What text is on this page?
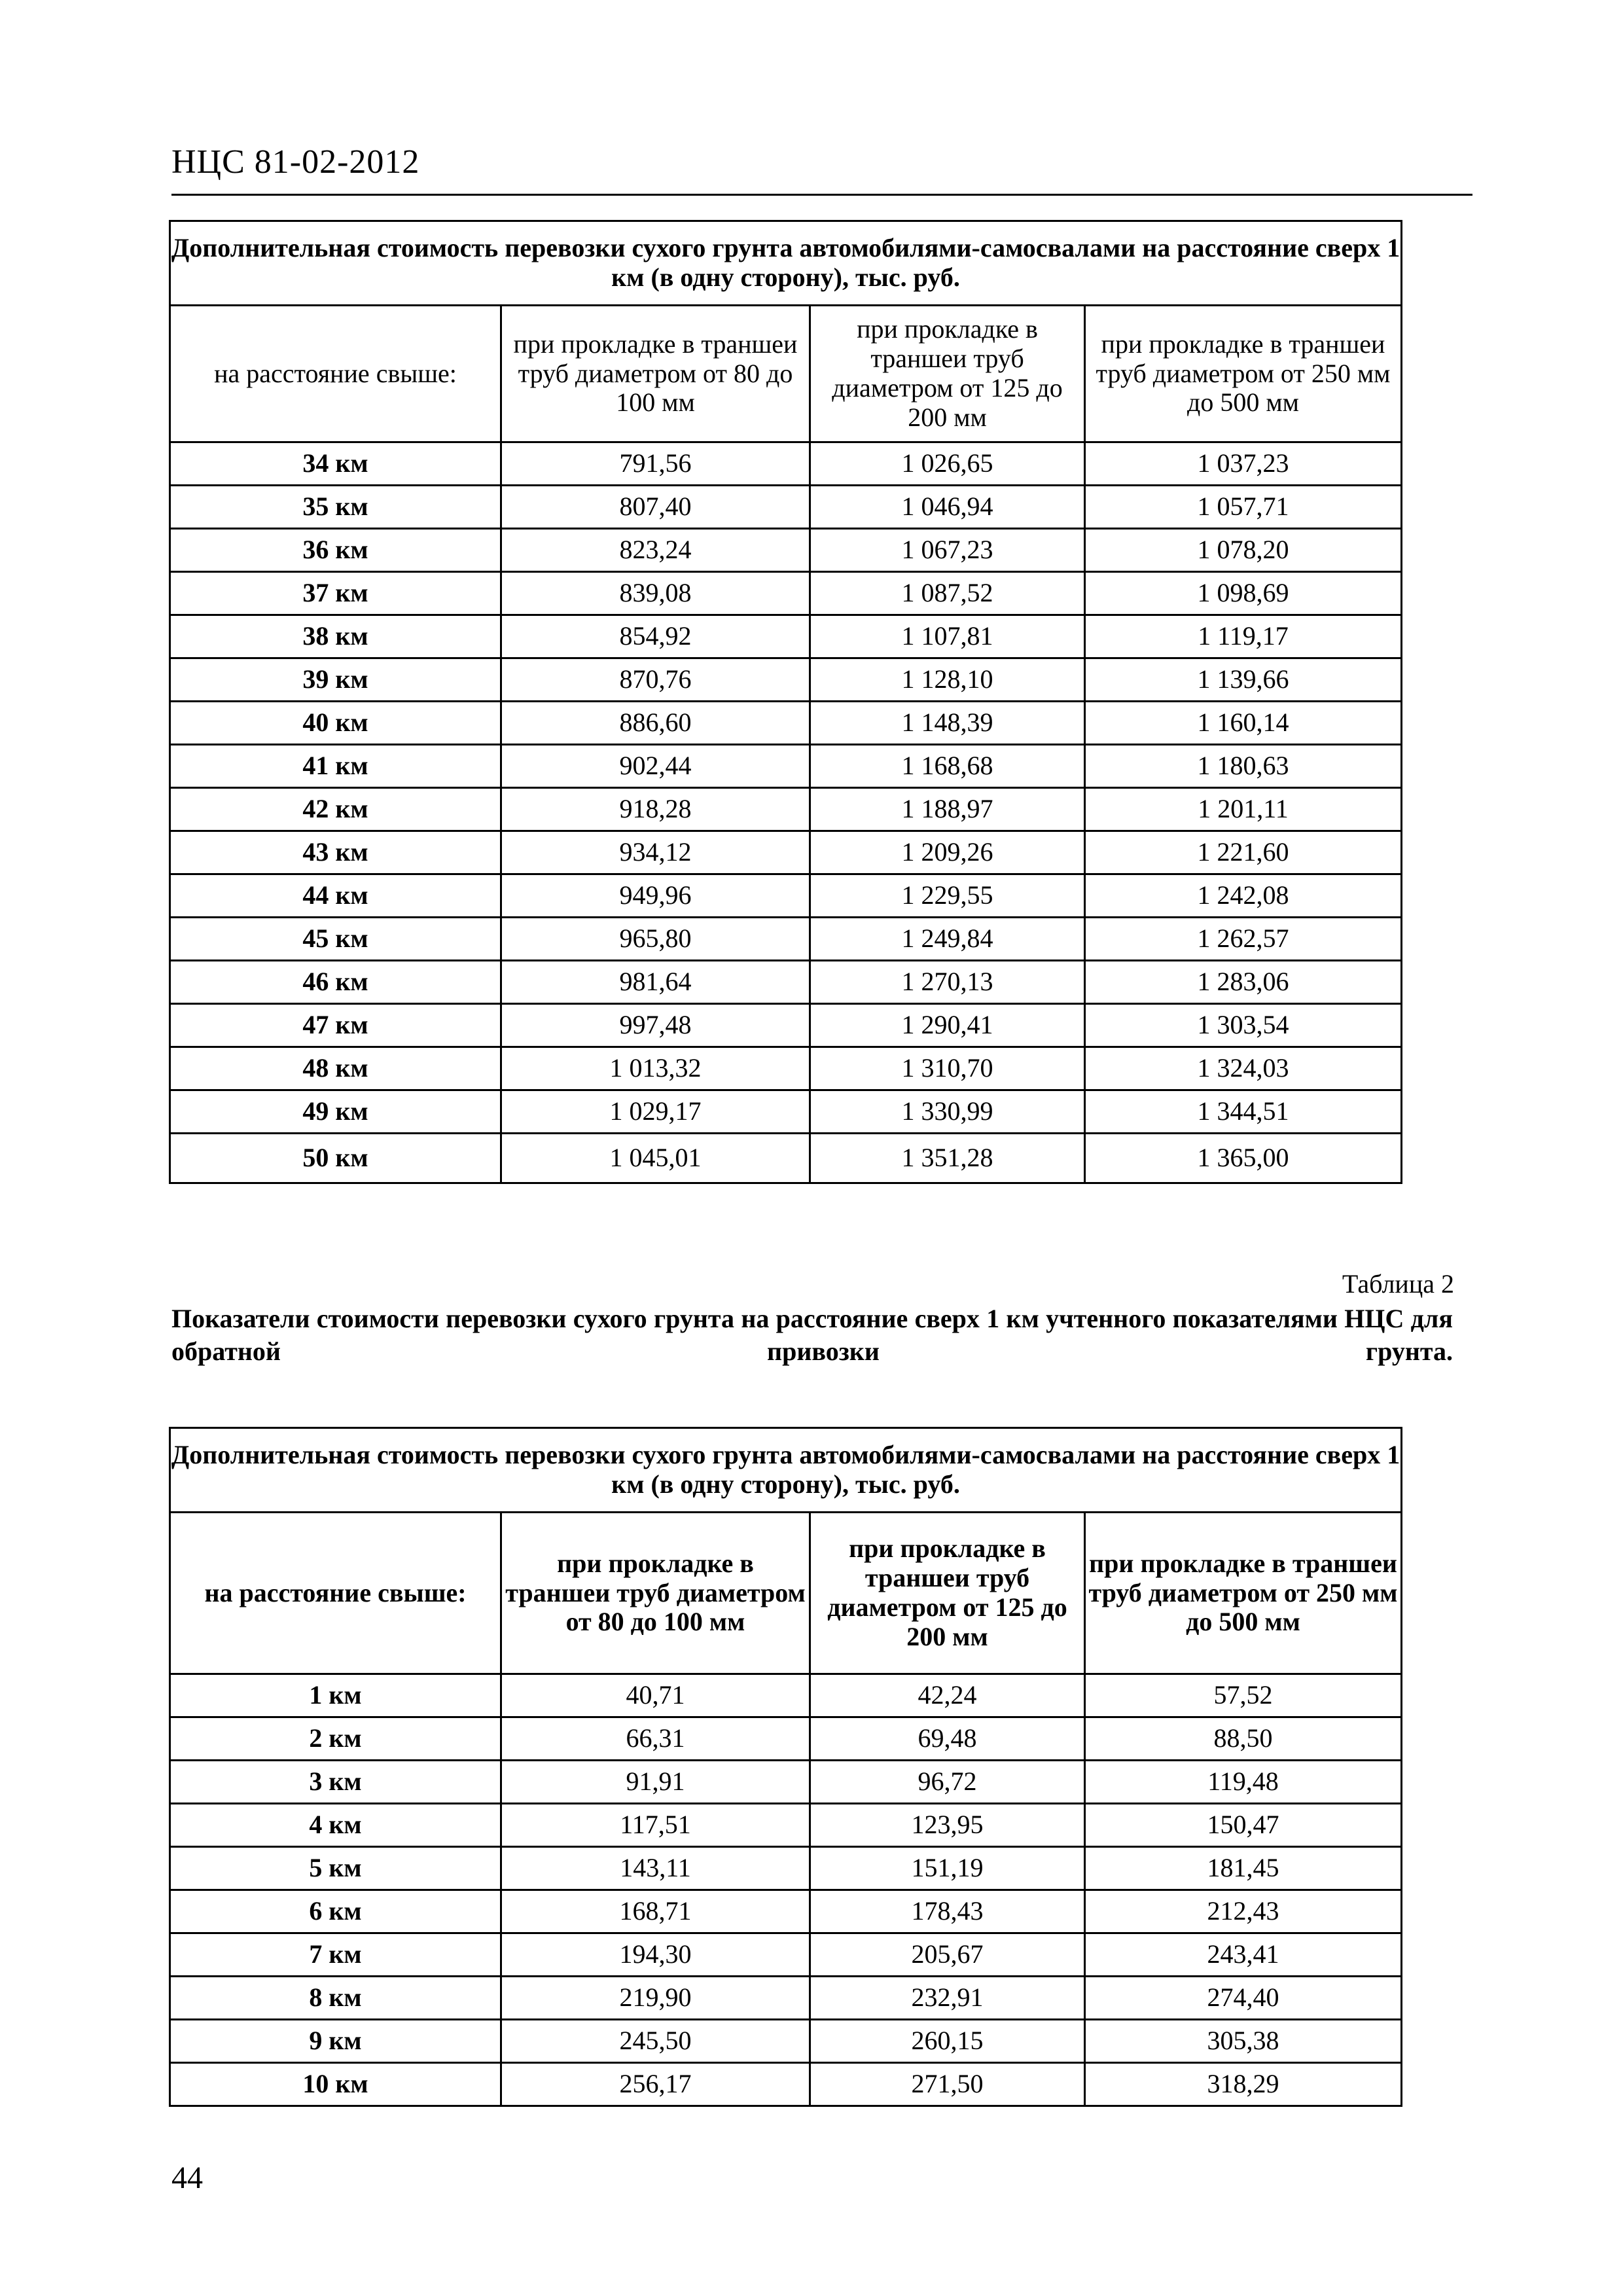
НЦС 81-02-2012
Дополнительная стоимость перевозки сухого грунта автомобилями-самосвалами на расстояние сверх 1 км (в одну сторону), тыс. руб.			
на расстояние свыше:	при прокладке в траншеи труб диаметром от 80 до 100 мм	при прокладке в траншеи труб диаметром от 125 до 200 мм	при прокладке в траншеи труб диаметром от 250 мм до 500 мм
34 км	791,56	1 026,65	1 037,23
35 км	807,40	1 046,94	1 057,71
36 км	823,24	1 067,23	1 078,20
37 км	839,08	1 087,52	1 098,69
38 км	854,92	1 107,81	1 119,17
39 км	870,76	1 128,10	1 139,66
40 км	886,60	1 148,39	1 160,14
41 км	902,44	1 168,68	1 180,63
42 км	918,28	1 188,97	1 201,11
43 км	934,12	1 209,26	1 221,60
44 км	949,96	1 229,55	1 242,08
45 км	965,80	1 249,84	1 262,57
46 км	981,64	1 270,13	1 283,06
47 км	997,48	1 290,41	1 303,54
48 км	1 013,32	1 310,70	1 324,03
49 км	1 029,17	1 330,99	1 344,51
50 км	1 045,01	1 351,28	1 365,00
Таблица 2
Показатели стоимости перевозки сухого грунта на расстояние сверх 1 км учтенного показателями НЦС для обратной привозки грунта.
Дополнительная стоимость перевозки сухого грунта автомобилями-самосвалами на расстояние сверх 1 км (в одну сторону), тыс. руб.			
на расстояние свыше:	при прокладке в траншеи труб диаметром от 80 до 100 мм	при прокладке в траншеи труб диаметром от 125 до 200 мм	при прокладке в траншеи труб диаметром от 250 мм до 500 мм
1 км	40,71	42,24	57,52
2 км	66,31	69,48	88,50
3 км	91,91	96,72	119,48
4 км	117,51	123,95	150,47
5 км	143,11	151,19	181,45
6 км	168,71	178,43	212,43
7 км	194,30	205,67	243,41
8 км	219,90	232,91	274,40
9 км	245,50	260,15	305,38
10 км	256,17	271,50	318,29
44
